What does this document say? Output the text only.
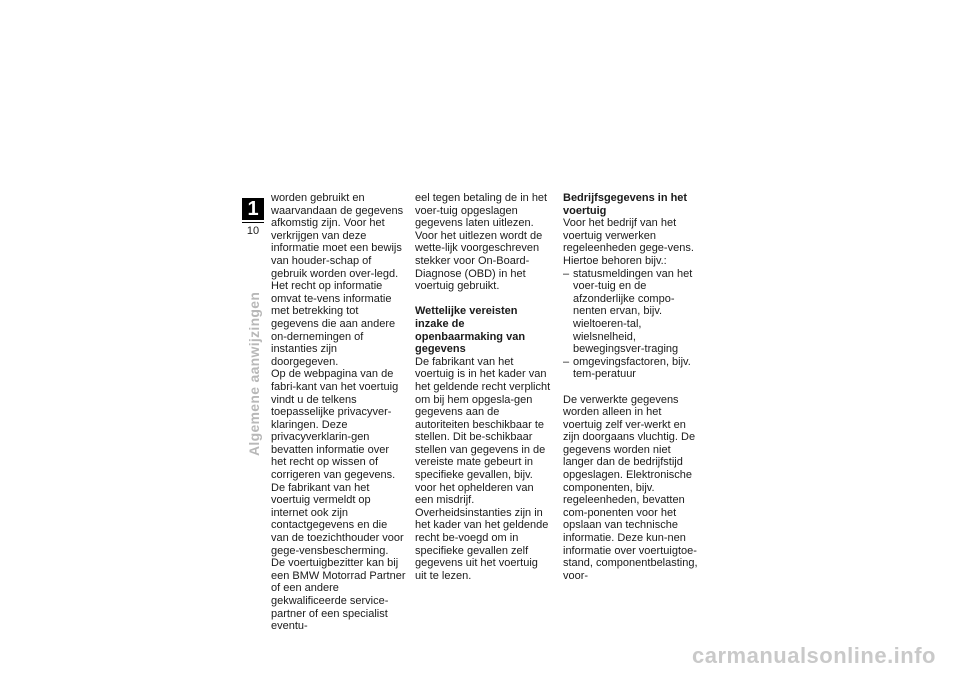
1
10
Algemene aanwijzingen

worden gebruikt en waarvandaan de gegevens afkomstig zijn. Voor het verkrijgen van deze informatie moet een bewijs van houder-schap of gebruik worden over-legd.

Het recht op informatie omvat te-vens informatie met betrekking tot gegevens die aan andere on-dernemingen of instanties zijn doorgegeven.

Op de webpagina van de fabri-kant van het voertuig vindt u de telkens toepasselijke privacyver-klaringen. Deze privacyverklarin-gen bevatten informatie over het recht op wissen of corrigeren van gegevens. De fabrikant van het voertuig vermeldt op internet ook zijn contactgegevens en die van de toezichthouder voor gege-vensbescherming.

De voertuigbezitter kan bij een BMW Motorrad Partner of een andere gekwalificeerde service-partner of een specialist eventu-

eel tegen betaling de in het voer-tuig opgeslagen gegevens laten uitlezen.

Voor het uitlezen wordt de wette-lijk voorgeschreven stekker voor On-Board-Diagnose (OBD) in het voertuig gebruikt.

Wettelijke vereisten inzake de openbaarmaking van gegevens

De fabrikant van het voertuig is in het kader van het geldende recht verplicht om bij hem opgesla-gen gegevens aan de autoriteiten beschikbaar te stellen. Dit be-schikbaar stellen van gegevens in de vereiste mate gebeurt in specifieke gevallen, bijv. voor het ophelderen van een misdrijf.

Overheidsinstanties zijn in het kader van het geldende recht be-voegd om in specifieke gevallen zelf gegevens uit het voertuig uit te lezen.

Bedrijfsgegevens in het voertuig

Voor het bedrijf van het voertuig verwerken regeleenheden gege-vens.

Hiertoe behoren bijv.:

– statusmeldingen van het voer-tuig en de afzonderlijke compo-nenten ervan, bijv. wieltoeren-tal, wielsnelheid, bewegingsver-traging
– omgevingsfactoren, bijv. tem-peratuur

De verwerkte gegevens worden alleen in het voertuig zelf ver-werkt en zijn doorgaans vluchtig. De gegevens worden niet langer dan de bedrijfstijd opgeslagen. Elektronische componenten, bijv. regeleenheden, bevatten com-ponenten voor het opslaan van technische informatie. Deze kun-nen informatie over voertuigtoe-stand, componentbelasting, voor-

carmanualsonline.info
